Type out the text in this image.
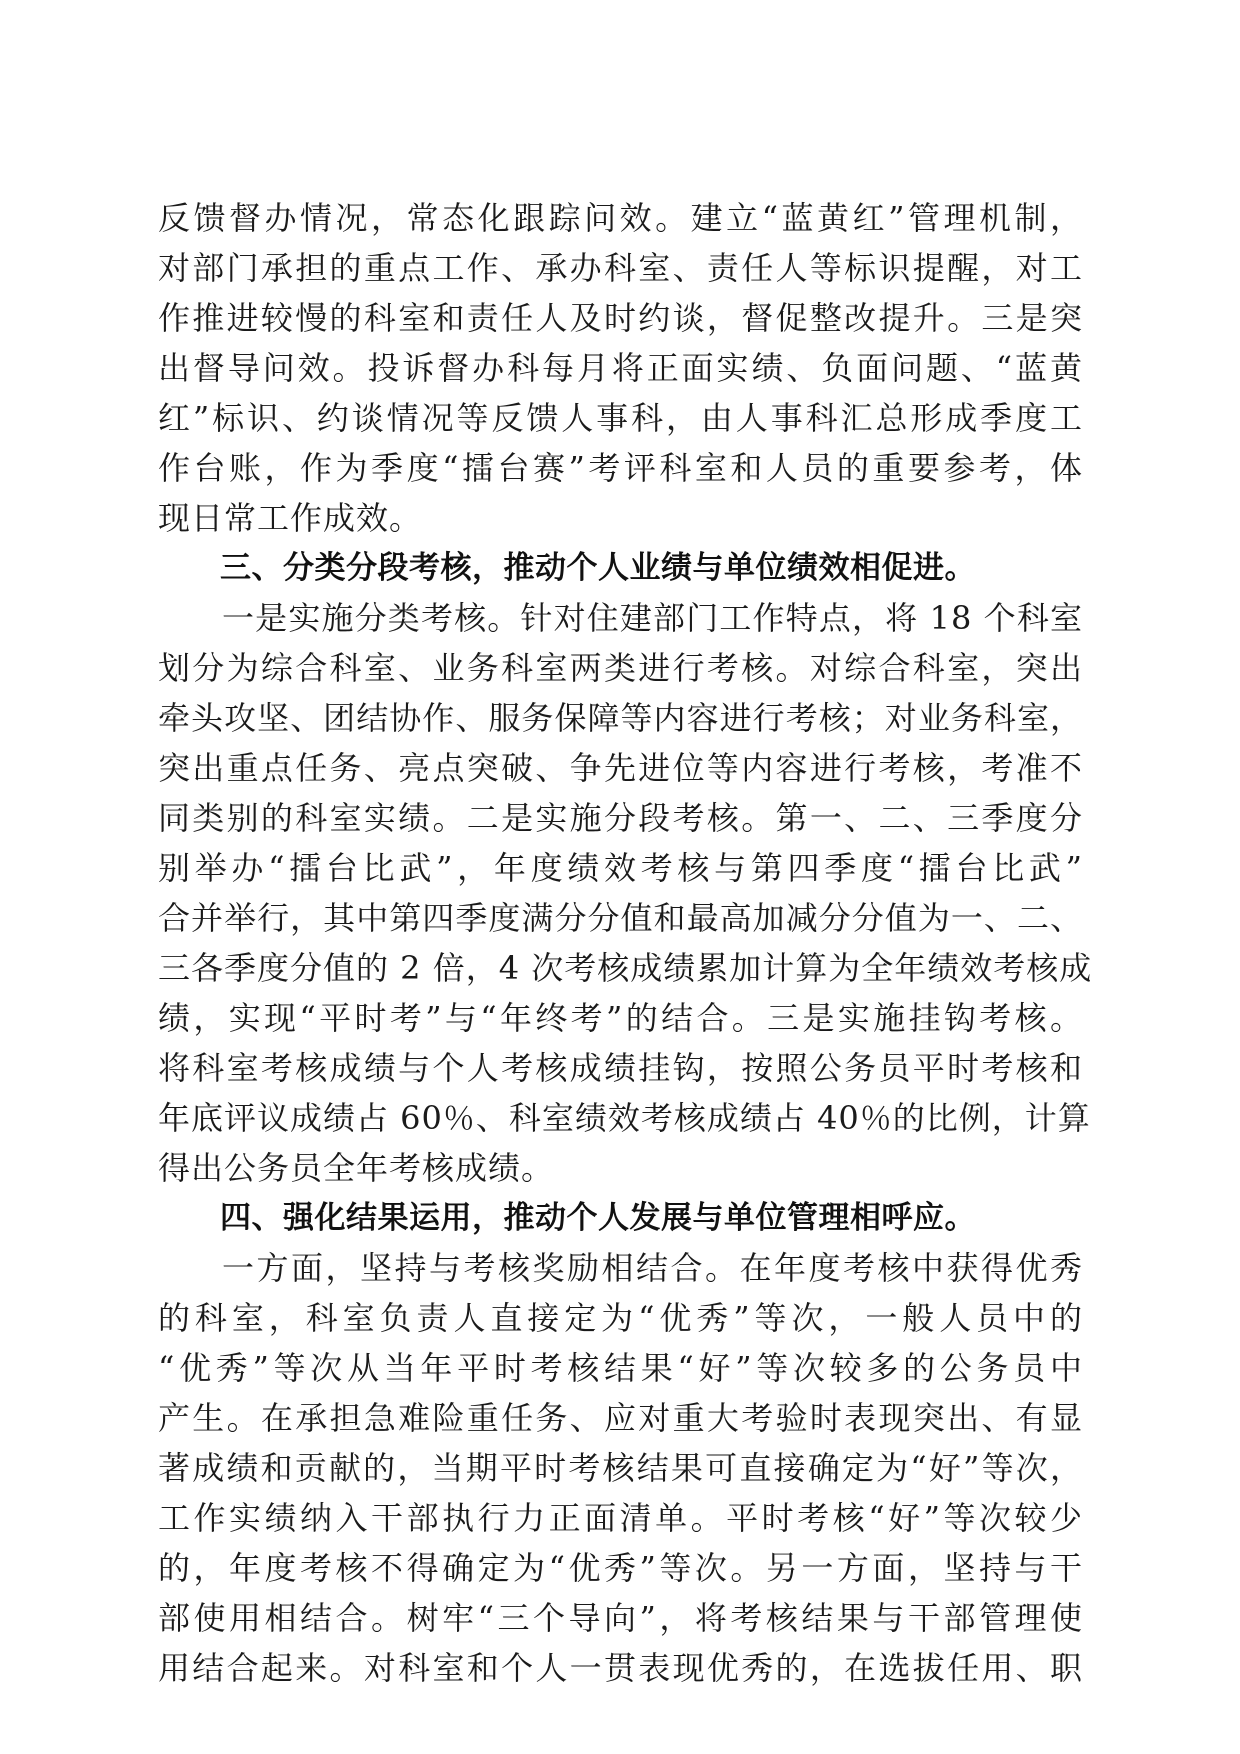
反馈督办情况，常态化跟踪问效。建立“蓝黄红”管理机制，
对部门承担的重点工作、承办科室、责任人等标识提醒，对工
作推进较慢的科室和责任人及时约谈，督促整改提升。三是突
出督导问效。投诉督办科每月将正面实绩、负面问题、“蓝黄
红”标识、约谈情况等反馈人事科，由人事科汇总形成季度工
作台账，作为季度“擂台赛”考评科室和人员的重要参考，体
现日常工作成效。
三、分类分段考核，推动个人业绩与单位绩效相促进。
一是实施分类考核。针对住建部门工作特点，将 18 个科室
划分为综合科室、业务科室两类进行考核。对综合科室，突出
牵头攻坚、团结协作、服务保障等内容进行考核；对业务科室，
突出重点任务、亮点突破、争先进位等内容进行考核，考准不
同类别的科室实绩。二是实施分段考核。第一、二、三季度分
别举办“擂台比武”，年度绩效考核与第四季度“擂台比武”
合并举行，其中第四季度满分分值和最高加减分分值为一、二、
三各季度分值的 2 倍，4 次考核成绩累加计算为全年绩效考核成
绩，实现“平时考”与“年终考”的结合。三是实施挂钩考核。
将科室考核成绩与个人考核成绩挂钩，按照公务员平时考核和
年底评议成绩占 60％、科室绩效考核成绩占 40％的比例，计算
得出公务员全年考核成绩。
四、强化结果运用，推动个人发展与单位管理相呼应。
一方面，坚持与考核奖励相结合。在年度考核中获得优秀
的科室，科室负责人直接定为“优秀”等次，一般人员中的
“优秀”等次从当年平时考核结果“好”等次较多的公务员中
产生。在承担急难险重任务、应对重大考验时表现突出、有显
著成绩和贡献的，当期平时考核结果可直接确定为“好”等次，
工作实绩纳入干部执行力正面清单。平时考核“好”等次较少
的，年度考核不得确定为“优秀”等次。另一方面，坚持与干
部使用相结合。树牢“三个导向”，将考核结果与干部管理使
用结合起来。对科室和个人一贯表现优秀的，在选拔任用、职
